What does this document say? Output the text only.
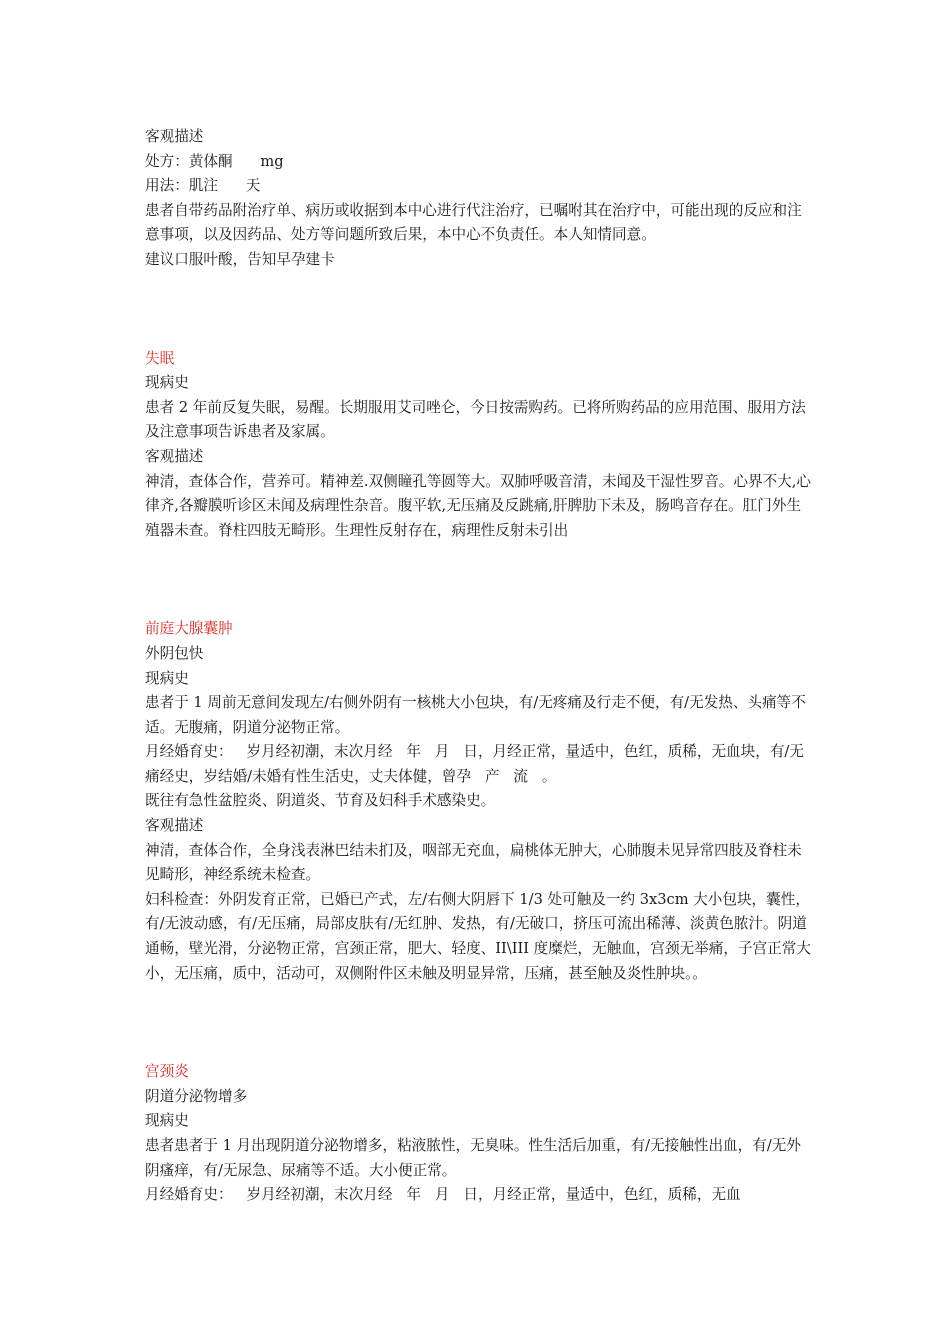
客观描述
处方：黄体酮      mg
用法：肌注      天
患者自带药品附治疗单、病历或收据到本中心进行代注治疗，已嘱咐其在治疗中，可能出现的反应和注意事项，以及因药品、处方等问题所致后果，本中心不负责任。本人知情同意。
建议口服叶酸，告知早孕建卡
失眠
现病史
患者 2 年前反复失眠，易醒。长期服用艾司唑仑，今日按需购药。已将所购药品的应用范围、服用方法及注意事项告诉患者及家属。
客观描述
神清，查体合作，营养可。精神差.双侧瞳孔等圆等大。双肺呼吸音清，未闻及干湿性罗音。心界不大,心律齐,各瓣膜听诊区未闻及病理性杂音。腹平软,无压痛及反跳痛,肝脾肋下未及，肠鸣音存在。肛门外生殖器未查。脊柱四肢无畸形。生理性反射存在，病理性反射未引出
前庭大腺囊肿
外阴包快
现病史
患者于 1 周前无意间发现左/右侧外阴有一核桃大小包块，有/无疼痛及行走不便，有/无发热、头痛等不适。无腹痛，阴道分泌物正常。
月经婚育史：   岁月经初潮，末次月经   年   月   日，月经正常，量适中，色红，质稀，无血块，有/无痛经史，岁结婚/未婚有性生活史，丈夫体健，曾孕   产   流   。
既往有急性盆腔炎、阴道炎、节育及妇科手术感染史。
客观描述
神清，查体合作，全身浅表淋巴结未扪及，咽部无充血，扁桃体无肿大，心肺腹未见异常四肢及脊柱未见畸形，神经系统未检查。
妇科检查：外阴发育正常，已婚已产式，左/右侧大阴唇下 1/3 处可触及一约 3x3cm 大小包块，囊性，有/无波动感，有/无压痛，局部皮肤有/无红肿、发热，有/无破口，挤压可流出稀薄、淡黄色脓汁。阴道通畅，壁光滑，分泌物正常，宫颈正常，肥大、轻度、II\III 度糜烂，无触血，宫颈无举痛，子宫正常大小，无压痛，质中，活动可，双侧附件区未触及明显异常，压痛，甚至触及炎性肿块。。
宫颈炎
阴道分泌物增多
现病史
患者患者于 1 月出现阴道分泌物增多，粘液脓性，无臭味。性生活后加重，有/无接触性出血，有/无外阴瘙痒，有/无尿急、尿痛等不适。大小便正常。
月经婚育史：   岁月经初潮，末次月经   年   月   日，月经正常，量适中，色红，质稀，无血
